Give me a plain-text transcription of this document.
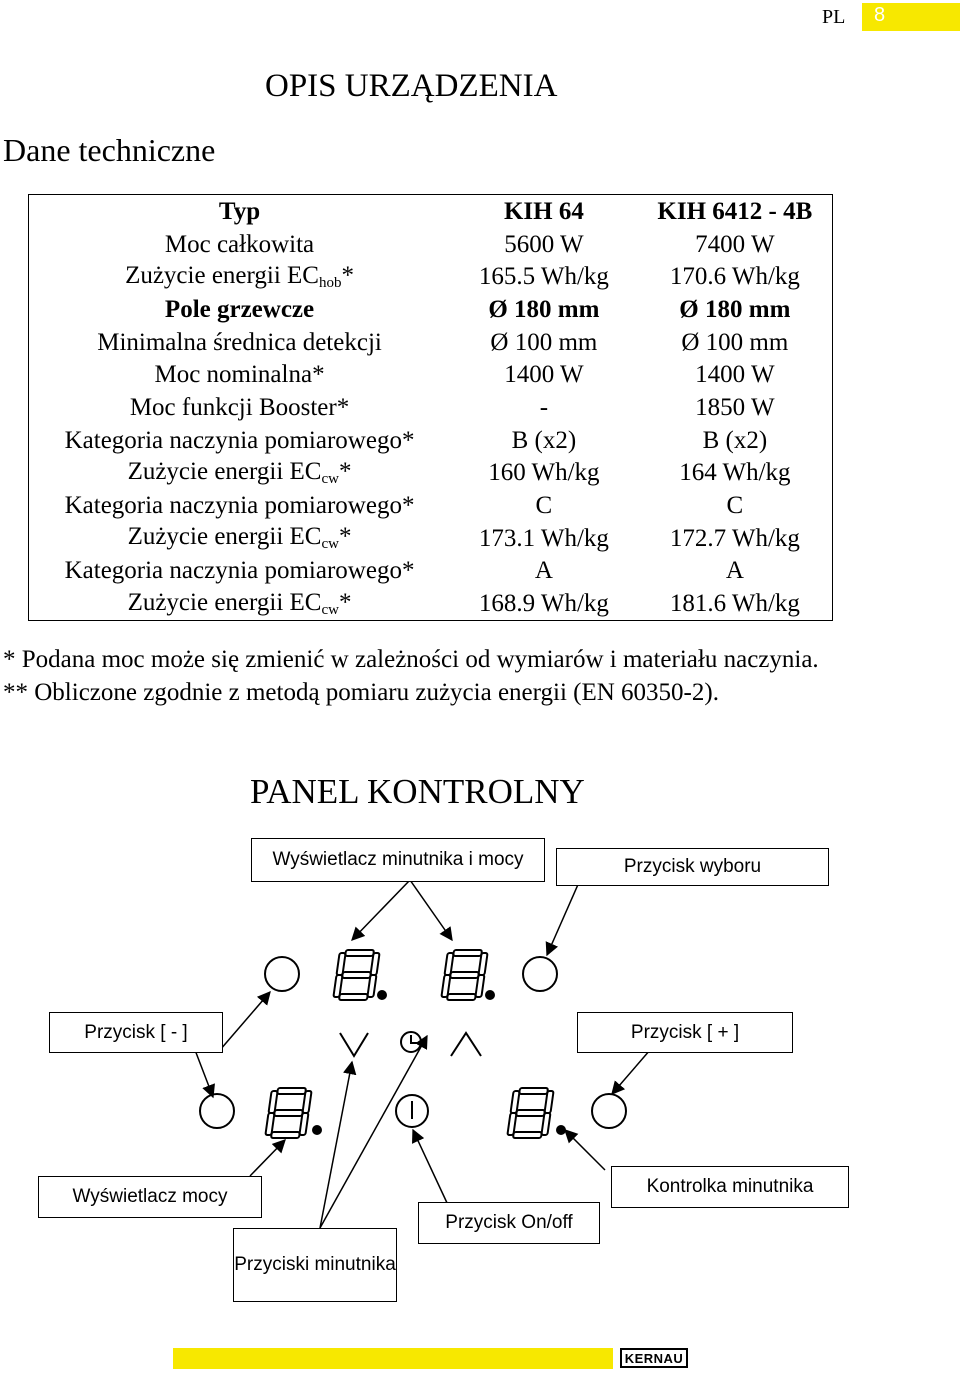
PL 8
OPIS URZĄDZENIA
Dane techniczne
Typ	KIH 64	KIH 6412 - 4B
Moc całkowita	5600 W	7400 W
Zużycie energii $EC_{hob}*$	165.5 Wh/kg	170.6 Wh/kg
Pole grzewcze	Ø 180 mm	Ø 180 mm
Minimalna średnica detekcji	Ø 100 mm	Ø 100 mm
Moc nominalna*	1400 W	1400 W
Moc funkcji Booster*	-	1850 W
Kategoria naczynia pomiarowego*	B (x2)	B (x2)
Zużycie energii $EC_{cw}*$	160 Wh/kg	164 Wh/kg
Kategoria naczynia pomiarowego*	C	C
Zużycie energii $EC_{cw}*$	173.1 Wh/kg	172.7 Wh/kg
Kategoria naczynia pomiarowego*	A	A
Zużycie energii $EC_{cw}*$	168.9 Wh/kg	181.6 Wh/kg
* Podana moc może się zmienić w zależności od wymiarów i materiału naczynia.
** Obliczone zgodnie z metodą pomiaru zużycia energii (EN 60350-2).
PANEL KONTROLNY
Wyświetlacz minutnika i mocy	Przycisk wyboru
Przycisk [ - ]	Przycisk [ + ]
Wyświetlacz mocy
Przycisk On/off
Kontrolka minutnika
Przyciski minutnika
KERNAU
